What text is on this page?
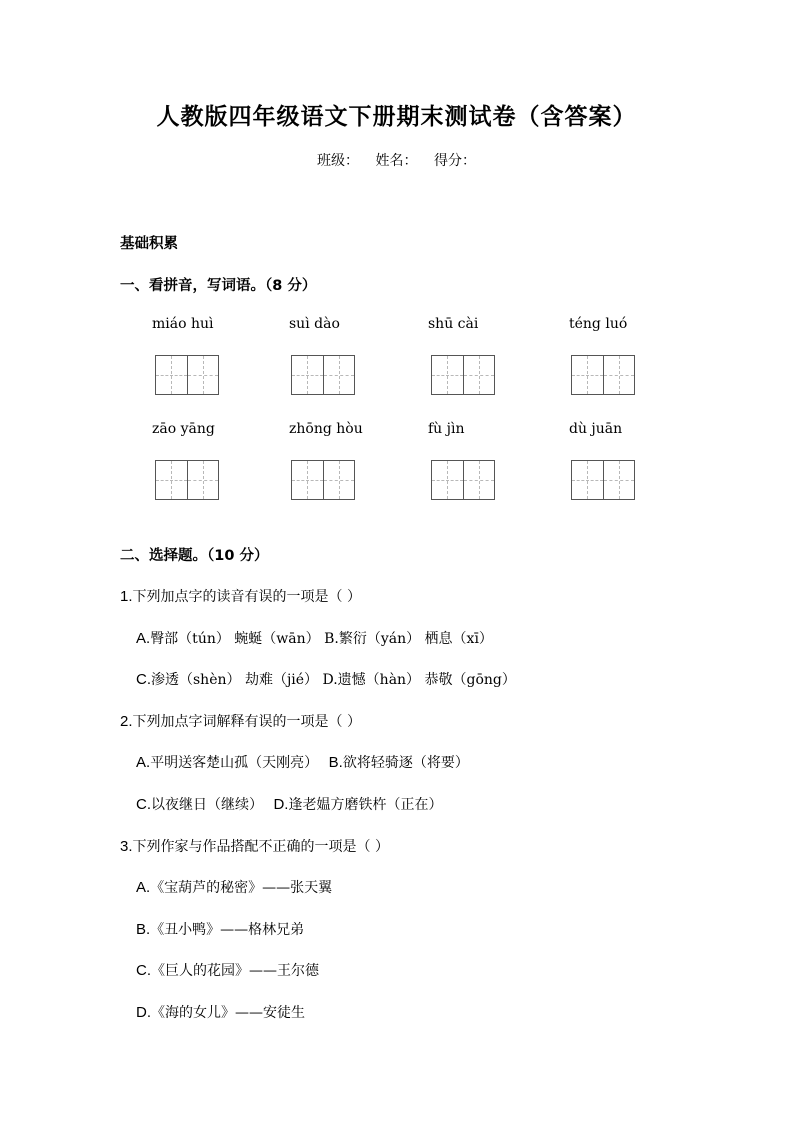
人教版四年级语文下册期末测试卷（含答案）
班级： 姓名： 得分：
基础积累
一、看拼音，写词语。（8 分）
miáo huì	suì dào	shū cài	téng luó
zāo yāng	zhōng hòu	fù jìn	dù juān
二、选择题。（10 分）
1.下列加点字的读音有误的一项是（ ）
A.臀部（tún） 蜿蜒（wān） B.繁衍（yán） 栖息（xī）
C.渗透（shèn） 劫难（jié） D.遗憾（hàn） 恭敬（gōng）
2.下列加点字词解释有误的一项是（ ）
A.平明送客楚山孤（天刚亮） B.欲将轻骑逐（将要）
C.以夜继日（继续） D.逢老媪方磨铁杵（正在）
3.下列作家与作品搭配不正确的一项是（ ）
A.《宝葫芦的秘密》——张天翼
B.《丑小鸭》——格林兄弟
C.《巨人的花园》——王尔德
D.《海的女儿》——安徒生
